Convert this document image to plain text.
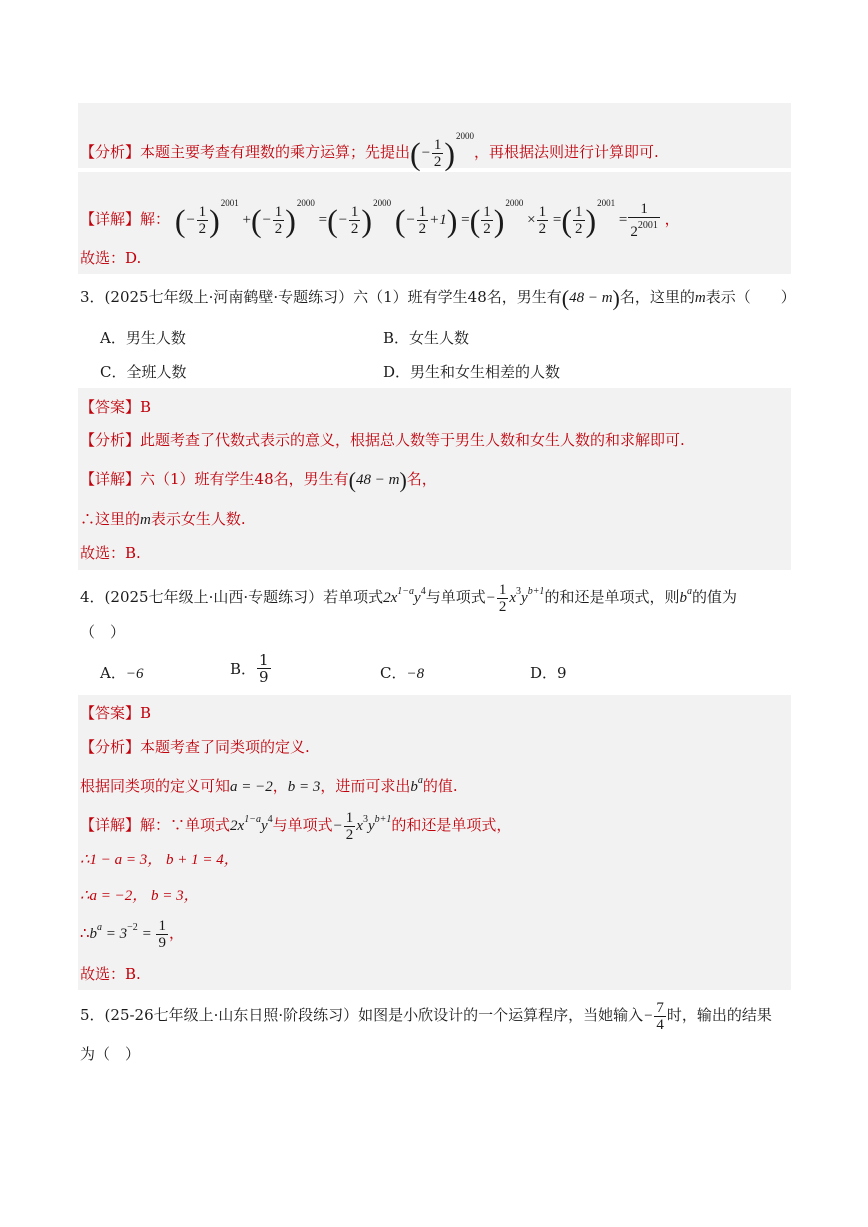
【分析】本题主要考查有理数的乘方运算；先提出(− $\frac{1}{2} )^{2000}$，再根据法则进行计算即可.
【详解】解： (− $\frac{1}{2} )^{2001}$ +(− $\frac{1}{2} )^{2000}$ =(− $\frac{1}{2} )^{2000}$ (− $\frac{1}{2} +1$) =( $\frac{1}{2} )^{2000} \times \frac{1}{2}$ =( $\frac{1}{2} )^{2001} = \frac{1}{2^{2001}}$ ，
故选：D.
3．(2025七年级上·河南鹤壁·专题练习）六（1）班有学生48名，男生有(48 − m)名，这里的m表示（　　）
A．男生人数	B．女生人数
C．全班人数	D．男生和女生相差的人数
【答案】B
【分析】此题考查了代数式表示的意义，根据总人数等于男生人数和女生人数的和求解即可.
【详解】六（1）班有学生48名，男生有(48 − m)名，
∴这里的m表示女生人数.
故选：B.
4．(2025七年级上·山西·专题练习）若单项式$2x^{1-a}y^4$与单项式− $\frac{1}{2} x^3y^{b+1}$的和还是单项式，则$b^a$的值为
（　）
A．−6	B． $\frac{1}{9}$	C．−8	D．9
【答案】B
【分析】本题考查了同类项的定义.
根据同类项的定义可知a = −2，b = 3，进而可求出$b^a$的值.
【详解】解：∵单项式$2x^{1-a}y^4$与单项式− $\frac{1}{2} x^3y^{b+1}$的和还是单项式，
∴1 − a = 3， b + 1 = 4，
∴a = −2， b = 3，
$\therefore b^a = 3^{-2} = \frac{1}{9}$ ，
故选：B.
5．(25-26七年级上·山东日照·阶段练习）如图是小欣设计的一个运算程序，当她输入− $\frac{7}{4}$ 时，输出的结果
为（　）
